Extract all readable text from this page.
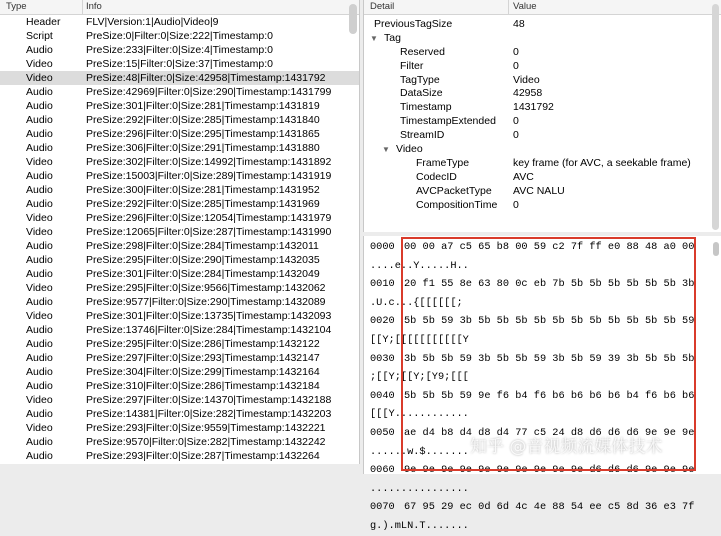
Type	Info
Header	FLV|Version:1|Audio|Video|9
Script	PreSize:0|Filter:0|Size:222|Timestamp:0
Audio	PreSize:233|Filter:0|Size:4|Timestamp:0
Video	PreSize:15|Filter:0|Size:37|Timestamp:0
Video	PreSize:48|Filter:0|Size:42958|Timestamp:1431792
Audio	PreSize:42969|Filter:0|Size:290|Timestamp:1431799
Audio	PreSize:301|Filter:0|Size:281|Timestamp:1431819
Audio	PreSize:292|Filter:0|Size:285|Timestamp:1431840
Audio	PreSize:296|Filter:0|Size:295|Timestamp:1431865
Audio	PreSize:306|Filter:0|Size:291|Timestamp:1431880
Video	PreSize:302|Filter:0|Size:14992|Timestamp:1431892
Audio	PreSize:15003|Filter:0|Size:289|Timestamp:1431919
Audio	PreSize:300|Filter:0|Size:281|Timestamp:1431952
Audio	PreSize:292|Filter:0|Size:285|Timestamp:1431969
Video	PreSize:296|Filter:0|Size:12054|Timestamp:1431979
Video	PreSize:12065|Filter:0|Size:287|Timestamp:1431990
Audio	PreSize:298|Filter:0|Size:284|Timestamp:1432011
Audio	PreSize:295|Filter:0|Size:290|Timestamp:1432035
Audio	PreSize:301|Filter:0|Size:284|Timestamp:1432049
Video	PreSize:295|Filter:0|Size:9566|Timestamp:1432062
Audio	PreSize:9577|Filter:0|Size:290|Timestamp:1432089
Video	PreSize:301|Filter:0|Size:13735|Timestamp:1432093
Audio	PreSize:13746|Filter:0|Size:284|Timestamp:1432104
Audio	PreSize:295|Filter:0|Size:286|Timestamp:1432122
Audio	PreSize:297|Filter:0|Size:293|Timestamp:1432147
Audio	PreSize:304|Filter:0|Size:299|Timestamp:1432164
Audio	PreSize:310|Filter:0|Size:286|Timestamp:1432184
Video	PreSize:297|Filter:0|Size:14370|Timestamp:1432188
Audio	PreSize:14381|Filter:0|Size:282|Timestamp:1432203
Video	PreSize:293|Filter:0|Size:9559|Timestamp:1432221
Audio	PreSize:9570|Filter:0|Size:282|Timestamp:1432242
Audio	PreSize:293|Filter:0|Size:287|Timestamp:1432264
Detail	Value
PreviousTagSize	48
▼ Tag
Reserved	0
Filter	0
TagType	Video
DataSize	42958
Timestamp	1431792
TimestampExtended 0
StreamID	0
▼ Video
FrameType	key frame (for AVC, a seekable frame)
CodecID	AVC
AVCPacketType AVC NALU
CompositionTime 0
0000 00 00 a7 c5 65 b8 00 59 c2 7f ff e0 88 48 a0 00
....e..Y.....H..
0010 20 f1 55 8e 63 80 0c eb 7b 5b 5b 5b 5b 5b 5b 3b
.U.c...{[[[[[[;
0020 5b 5b 59 3b 5b 5b 5b 5b 5b 5b 5b 5b 5b 5b 5b 59
[[Y;[[[[[[[[[[[Y
0030 3b 5b 5b 59 3b 5b 5b 59 3b 5b 59 39 3b 5b 5b 5b
;[[Y;[[Y;[Y9;[[[
0040 5b 5b 5b 59 9e f6 b4 f6 b6 b6 b6 b6 b4 f6 b6 b6
[[[Y............
0050 ae d4 b8 d4 d8 d4 77 c5 24 d8 d6 d6 d6 9e 9e 9e
......w.$.......
0060 9e 9e 9e 9e 9e 9e 9e 9e 9e 9e d6 d6 d6 9e 9e 9e
................
0070 67 95 29 ec 0d 6d 4c 4e 88 54 ee c5 8d 36 e3 7f
g.).mLN.T.......
知乎 @音视频流媒体技术
